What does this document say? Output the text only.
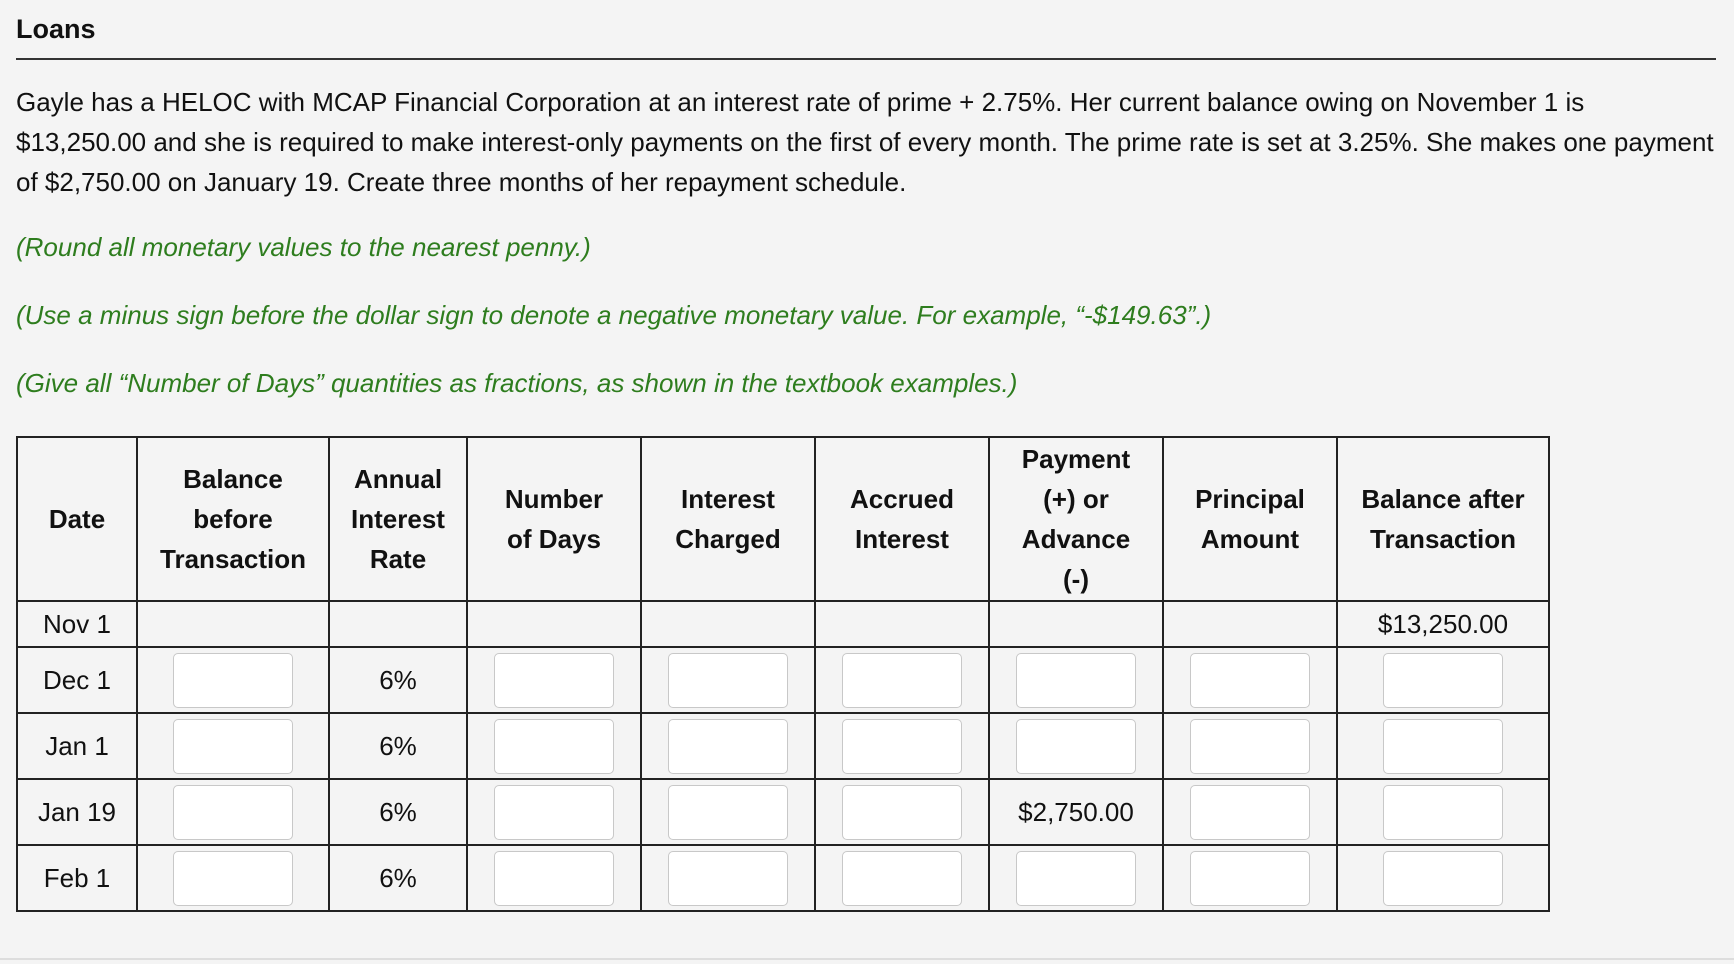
Loans
Gayle has a HELOC with MCAP Financial Corporation at an interest rate of prime + 2.75%. Her current balance owing on November 1 is $13,250.00 and she is required to make interest-only payments on the first of every month. The prime rate is set at 3.25%. She makes one payment of $2,750.00 on January 19. Create three months of her repayment schedule.
(Round all monetary values to the nearest penny.)
(Use a minus sign before the dollar sign to denote a negative monetary value. For example, “-$149.63”.)
(Give all “Number of Days” quantities as fractions, as shown in the textbook examples.)
Date	Balance
before
Transaction	Annual
Interest
Rate	Number
of Days	Interest
Charged	Accrued
Interest	Payment
(+) or
Advance
(-)	Principal
Amount	Balance after
Transaction
Nov 1								$13,250.00
Dec 1		6%						
Jan 1		6%						
Jan 19		6%				$2,750.00		
Feb 1		6%						
